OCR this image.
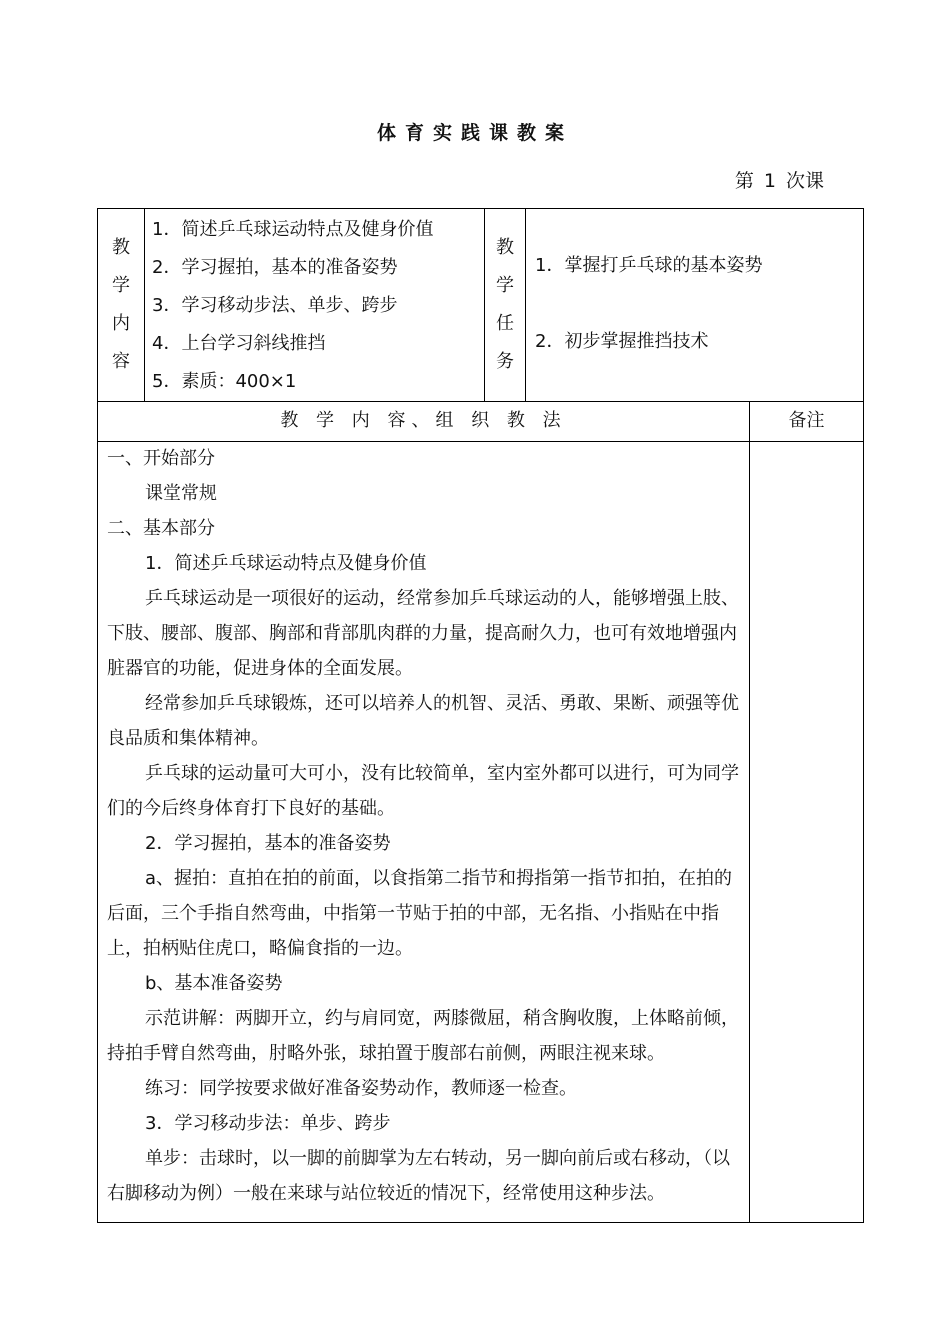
体育实践课教案
第 1 次课
教
学
内
容
1．简述乒乓球运动特点及健身价值
2．学习握拍，基本的准备姿势
3．学习移动步法、单步、跨步
4．上台学习斜线推挡
5．素质：400×1
教
学
任
务
1．掌握打乒乓球的基本姿势
2．初步掌握推挡技术
教 学 内 容、组 织 教 法	备注

一、开始部分

课堂常规

二、基本部分

1．简述乒乓球运动特点及健身价值

乒乓球运动是一项很好的运动，经常参加乒乓球运动的人，能够增强上肢、下肢、腰部、腹部、胸部和背部肌肉群的力量，提高耐久力，也可有效地增强内脏器官的功能，促进身体的全面发展。

经常参加乒乓球锻炼，还可以培养人的机智、灵活、勇敢、果断、顽强等优良品质和集体精神。

乒乓球的运动量可大可小，没有比较简单，室内室外都可以进行，可为同学们的今后终身体育打下良好的基础。

2．学习握拍，基本的准备姿势

a、握拍：直拍在拍的前面，以食指第二指节和拇指第一指节扣拍，在拍的后面，三个手指自然弯曲，中指第一节贴于拍的中部，无名指、小指贴在中指上，拍柄贴住虎口，略偏食指的一边。

b、基本准备姿势

示范讲解：两脚开立，约与肩同宽，两膝微屈，稍含胸收腹，上体略前倾，持拍手臂自然弯曲，肘略外张，球拍置于腹部右前侧，两眼注视来球。

练习：同学按要求做好准备姿势动作，教师逐一检查。

3．学习移动步法：单步、跨步

单步：击球时，以一脚的前脚掌为左右转动，另一脚向前后或右移动，（以右脚移动为例）一般在来球与站位较近的情况下，经常使用这种步法。
